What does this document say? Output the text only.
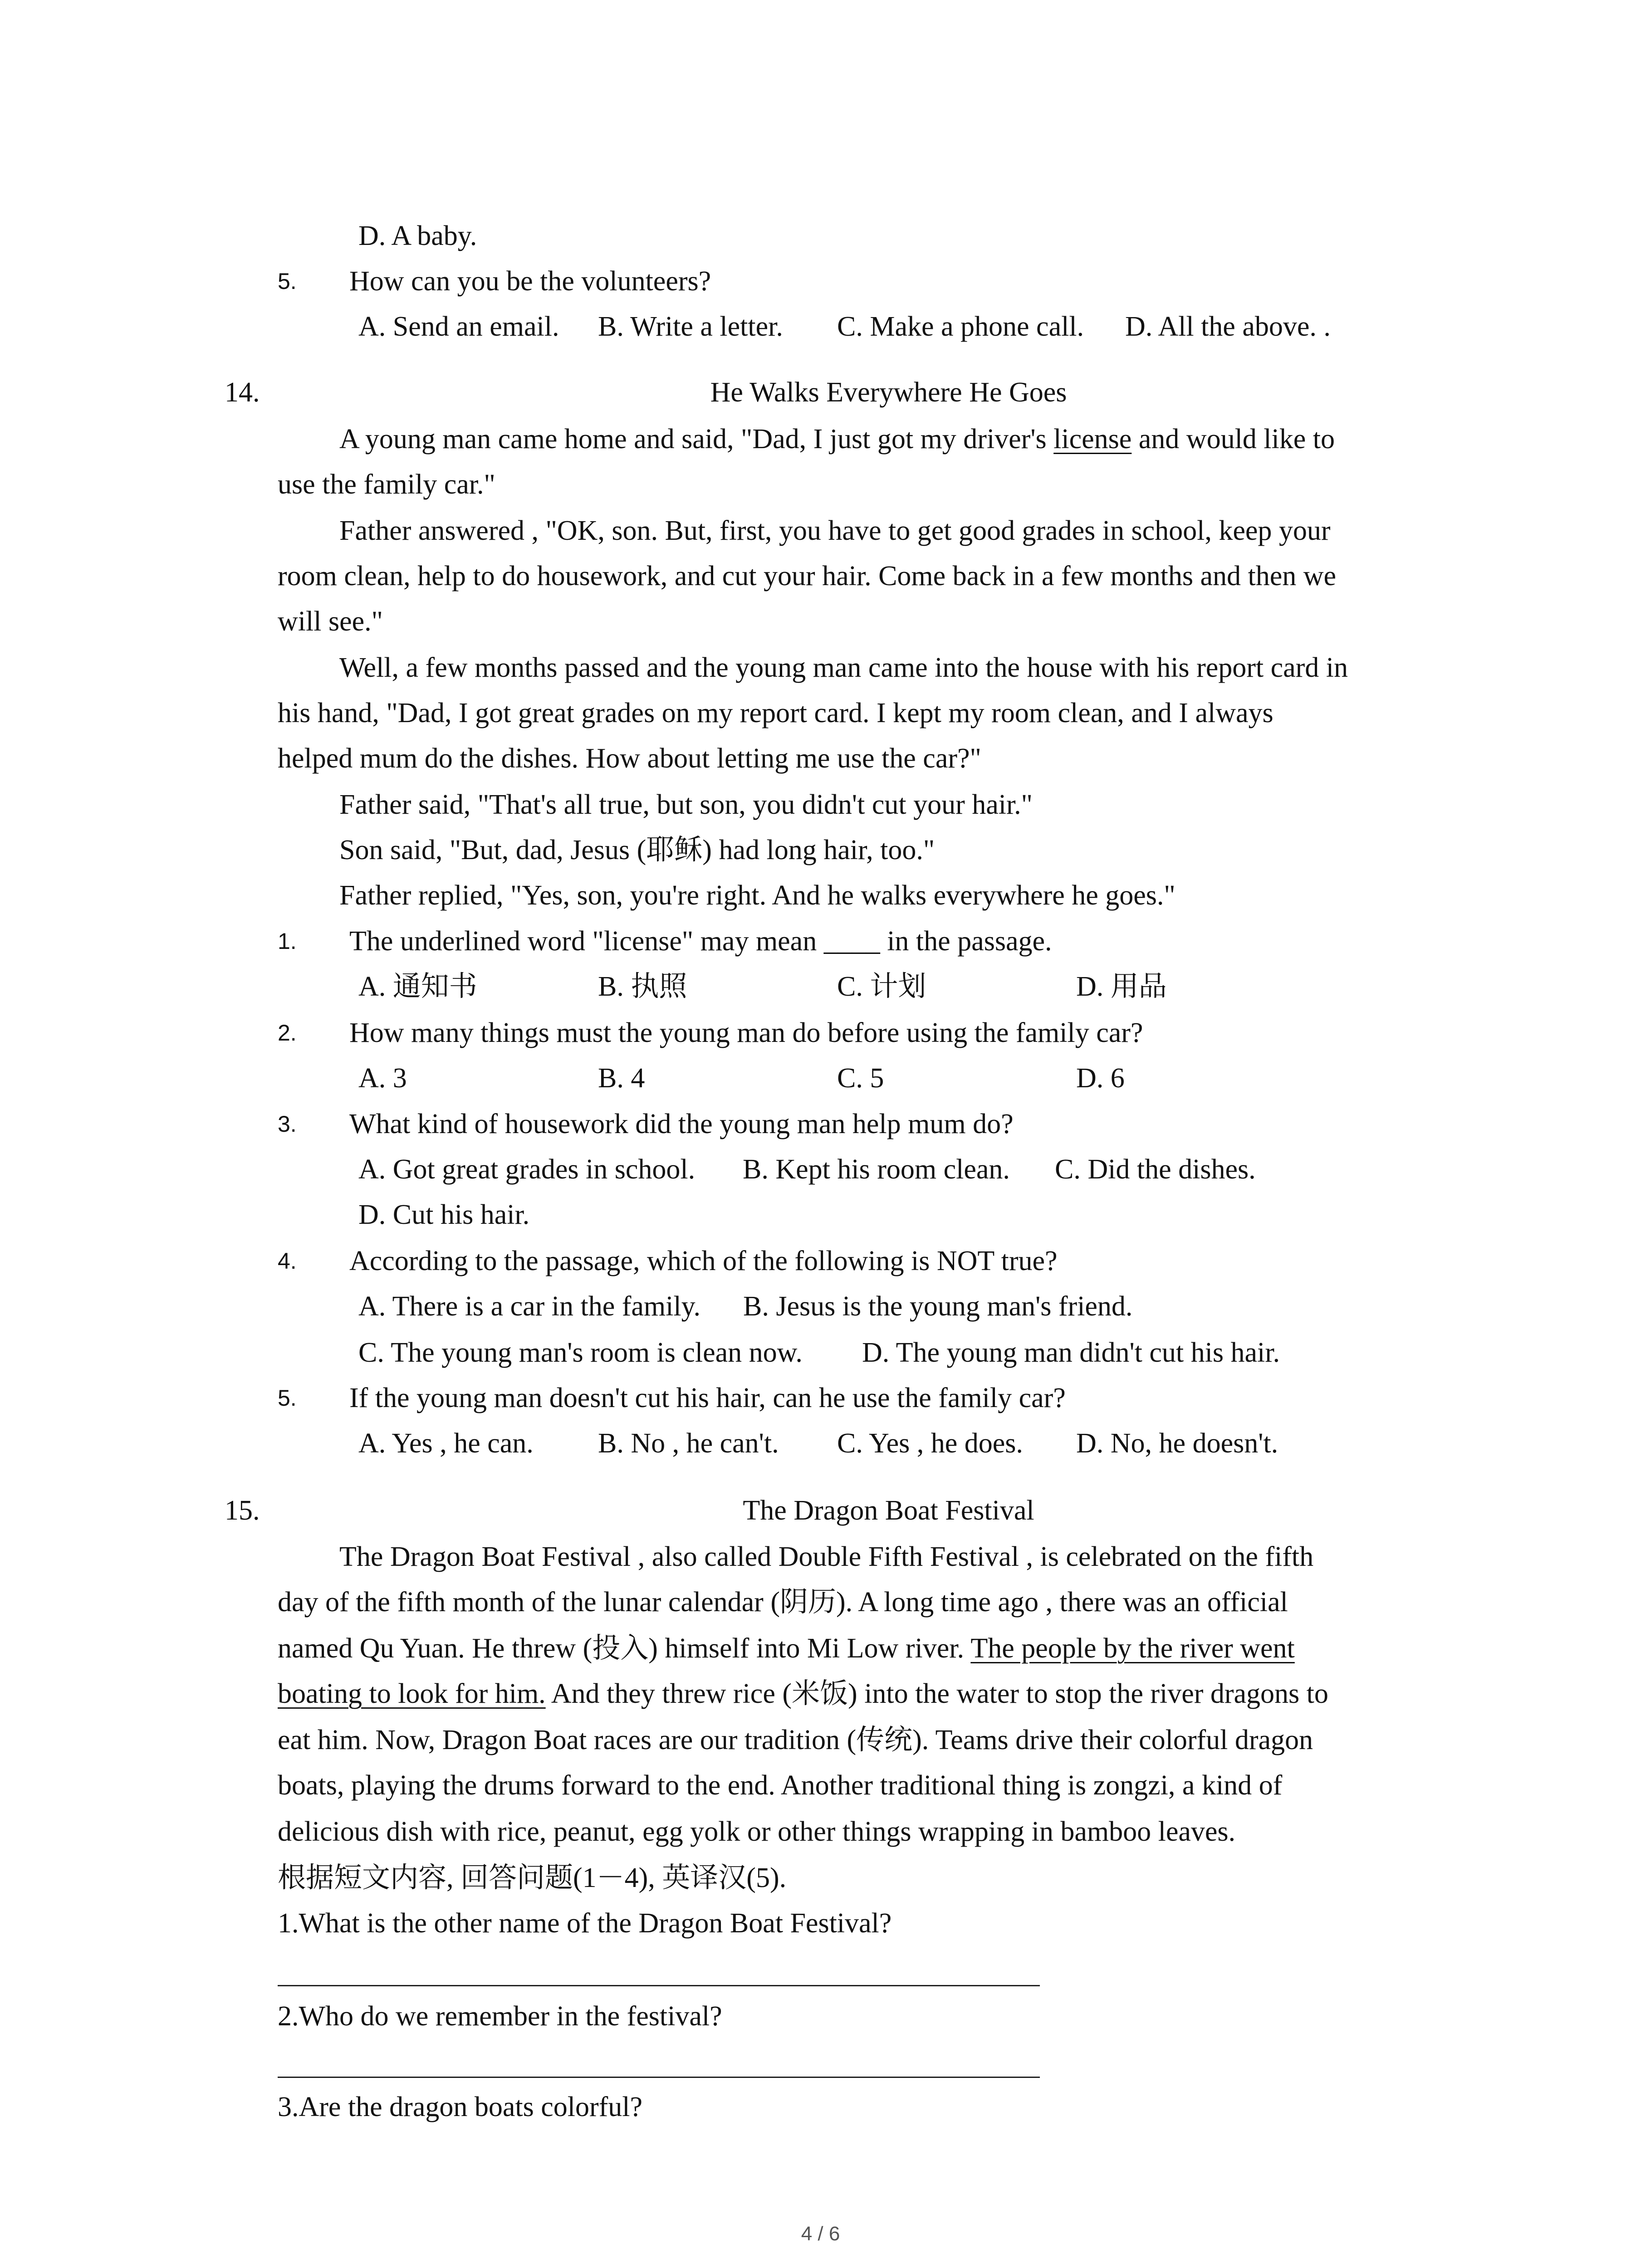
D. A baby.
5. How can you be the volunteers?
A. Send an email. B. Write a letter. C. Make a phone call. D. All the above. .
14.	He Walks Everywhere He Goes
A young man came home and said, "Dad, I just got my driver's license and would like to
use the family car."
Father answered , "OK, son. But, first, you have to get good grades in school, keep your
room clean, help to do housework, and cut your hair. Come back in a few months and then we
will see."
Well, a few months passed and the young man came into the house with his report card in
his hand, "Dad, I got great grades on my report card. I kept my room clean, and I always
helped mum do the dishes. How about letting me use the car?"
Father said, "That's all true, but son, you didn't cut your hair."
Son said, "But, dad, Jesus (耶稣) had long hair, too."
Father replied, "Yes, son, you're right. And he walks everywhere he goes."
1. The underlined word "license" may mean ____ in the passage.
A. 通知书	B. 执照	C. 计划	D. 用品
2. How many things must the young man do before using the family car?
A. 3	B. 4	C. 5	D. 6
3. What kind of housework did the young man help mum do?
A. Got great grades in school. B. Kept his room clean. C. Did the dishes.
D. Cut his hair.
4. According to the passage, which of the following is NOT true?
A. There is a car in the family. B. Jesus is the young man's friend.
C. The young man's room is clean now. D. The young man didn't cut his hair.
5. If the young man doesn't cut his hair, can he use the family car?
A. Yes , he can. B. No , he can't. C. Yes , he does. D. No, he doesn't.
15.	The Dragon Boat Festival
The Dragon Boat Festival , also called Double Fifth Festival , is celebrated on the fifth
day of the fifth month of the lunar calendar (阴历). A long time ago , there was an official
named Qu Yuan. He threw (投入) himself into Mi Low river. The people by the river went
boating to look for him. And they threw rice (米饭) into the water to stop the river dragons to
eat him. Now, Dragon Boat races are our tradition (传统). Teams drive their colorful dragon
boats, playing the drums forward to the end. Another traditional thing is zongzi, a kind of
delicious dish with rice, peanut, egg yolk or other things wrapping in bamboo leaves.
根据短文内容, 回答问题(1－4), 英译汉(5).
1.What is the other name of the Dragon Boat Festival?
2.Who do we remember in the festival?
3.Are the dragon boats colorful?
4 / 6
